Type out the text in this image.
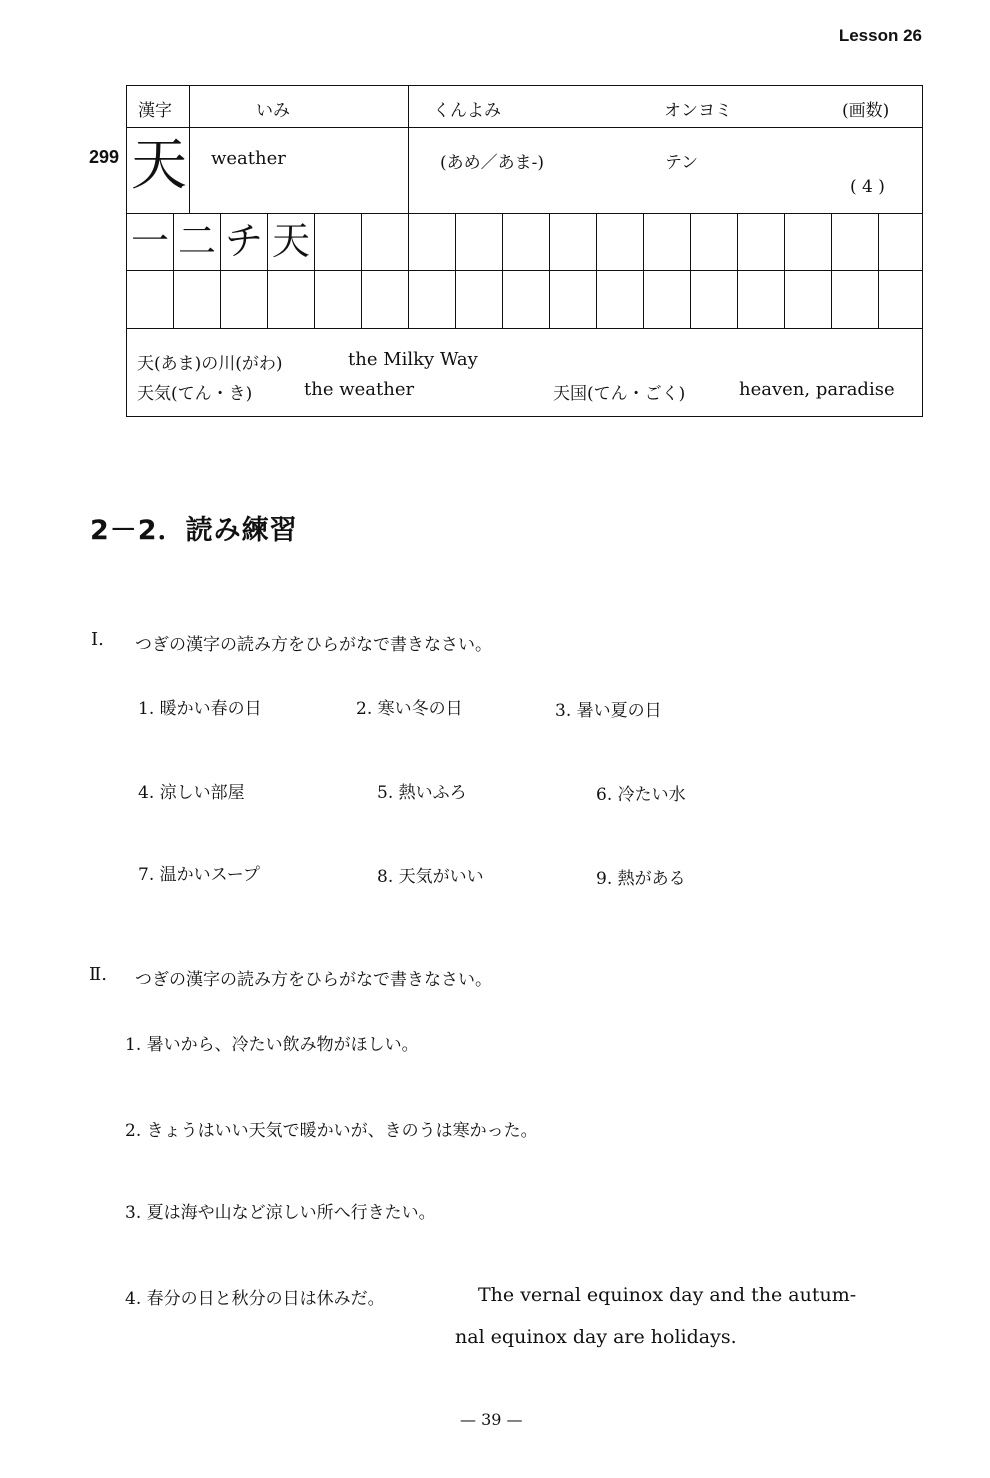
Lesson 26
299
漢字	いみ	くんよみ	オンヨミ	(画数)
天 weather	(あめ／あま-)	テン
( 4 )
一 二 チ 天
天(あま)の川(がわ)	the Milky Way
天気(てん・き)	the weather	天国(てん・ごく)	heaven, paradise
2－2．読み練習
Ⅰ. つぎの漢字の読み方をひらがなで書きなさい。
1. 暖かい春の日	2. 寒い冬の日	3. 暑い夏の日
4. 涼しい部屋	5. 熱いふろ	6. 冷たい水
7. 温かいスープ	8. 天気がいい	9. 熱がある
Ⅱ. つぎの漢字の読み方をひらがなで書きなさい。
1. 暑いから、冷たい飲み物がほしい。
2. きょうはいい天気で暖かいが、きのうは寒かった。
3. 夏は海や山など涼しい所へ行きたい。
4. 春分の日と秋分の日は休みだ。	The vernal equinox day and the autum-
nal equinox day are holidays.
— 39 —
